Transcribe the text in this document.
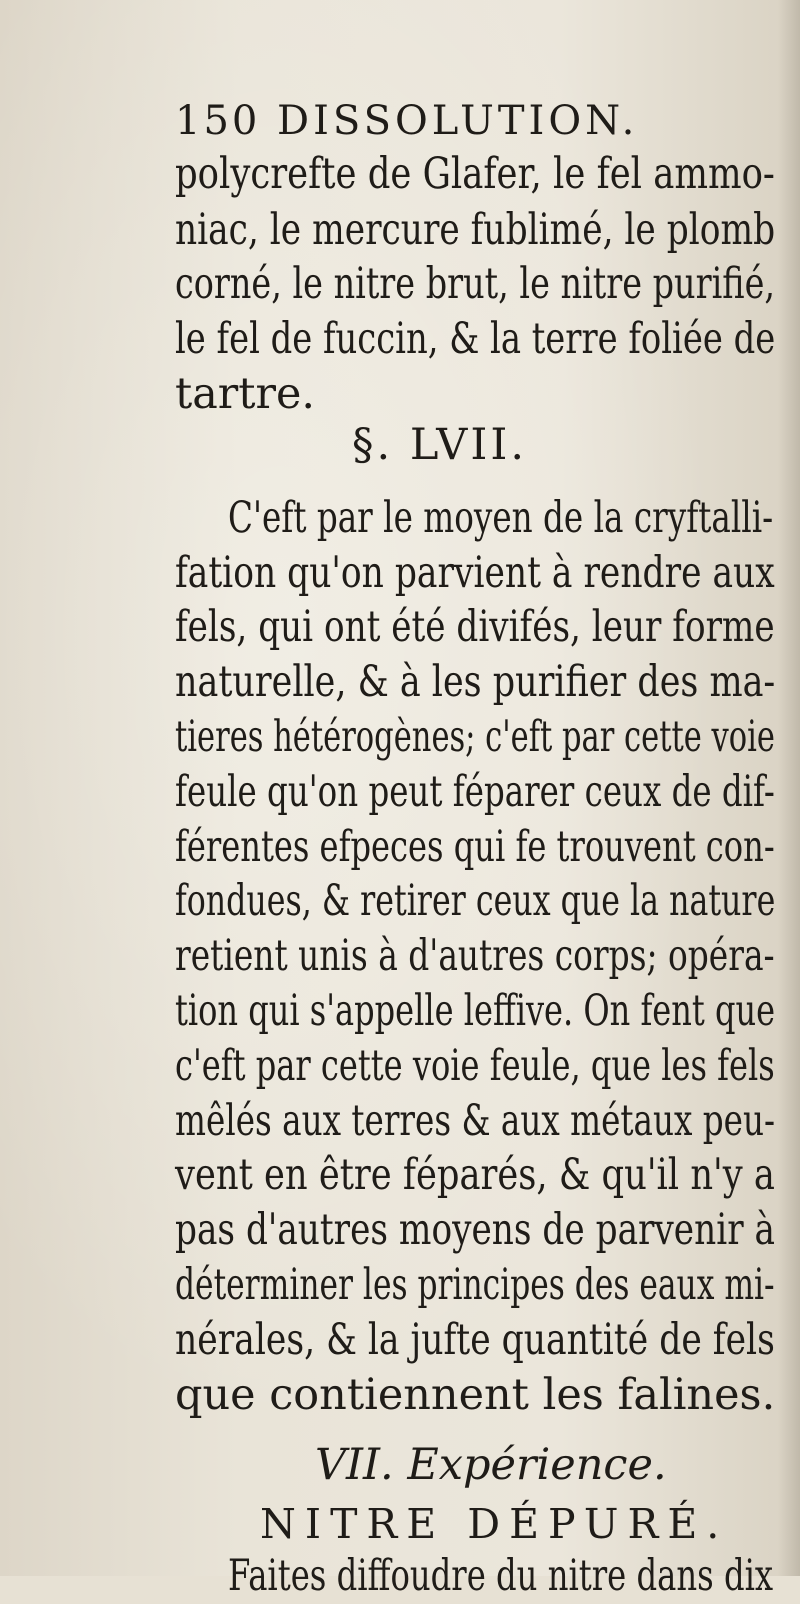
150 DISSOLUTION.
polycrefte de Glafer, le fel ammo-
niac, le mercure fublimé, le plomb
corné, le nitre brut, le nitre purifié,
le fel de fuccin, & la terre foliée de
tartre.
§. LVII.
C'eft par le moyen de la cryftalli-
fation qu'on parvient à rendre aux
fels, qui ont été divifés, leur forme
naturelle, & à les purifier des ma-
tieres hétérogènes; c'eft par cette voie
feule qu'on peut féparer ceux de dif-
férentes efpeces qui fe trouvent con-
fondues, & retirer ceux que la nature
retient unis à d'autres corps; opéra-
tion qui s'appelle leffive. On fent que
c'eft par cette voie feule, que les fels
mêlés aux terres & aux métaux peu-
vent en être féparés, & qu'il n'y a
pas d'autres moyens de parvenir à
déterminer les principes des eaux mi-
nérales, & la jufte quantité de fels
que contiennent les falines.
VII. Expérience.
NITRE DÉPURÉ.
Faites diffoudre du nitre dans dix
